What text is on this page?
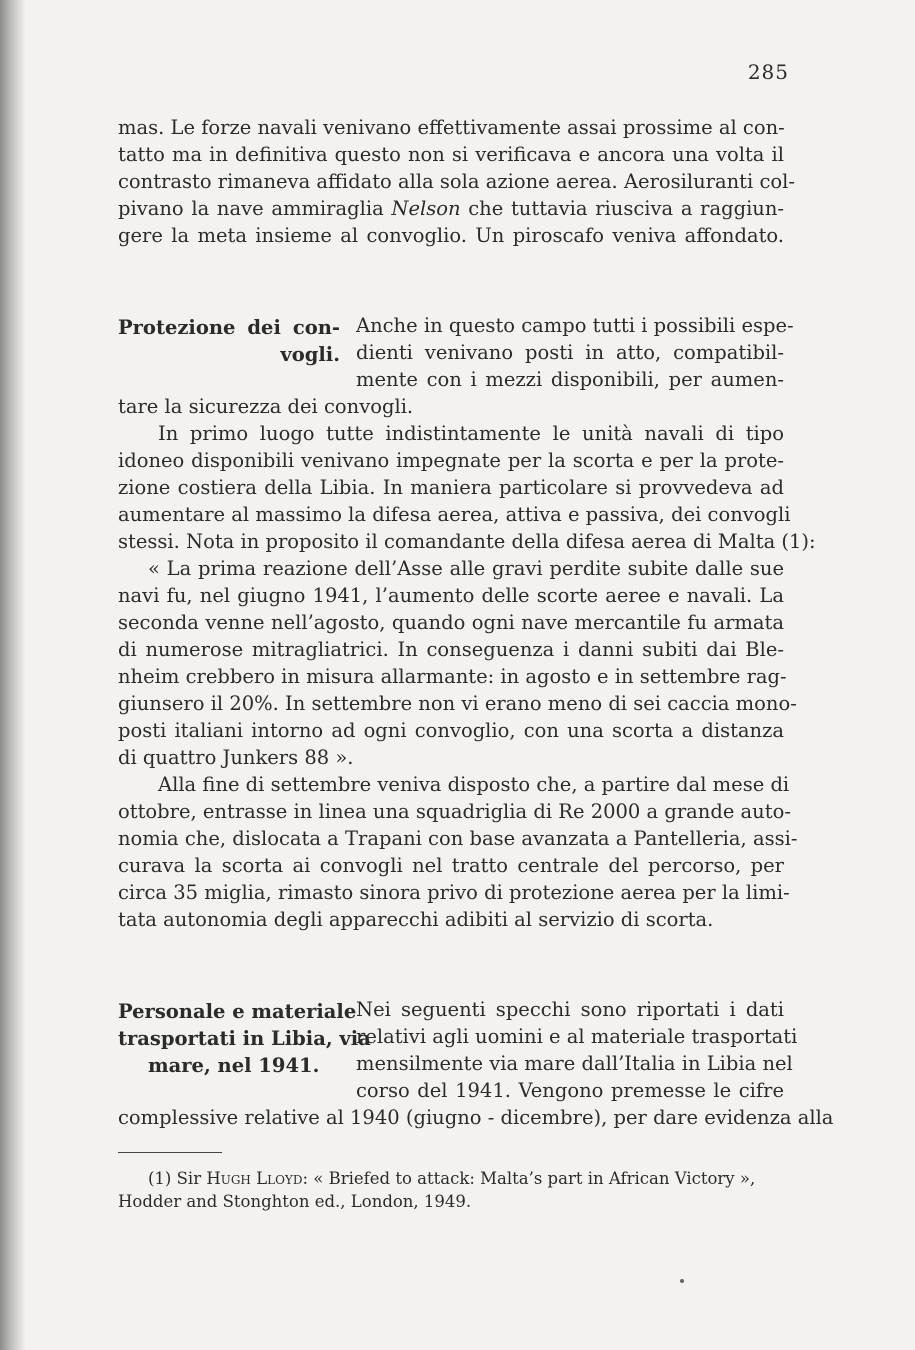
285
mas. Le forze navali venivano effettivamente assai prossime al con-
tatto ma in definitiva questo non si verificava e ancora una volta il
contrasto rimaneva affidato alla sola azione aerea. Aerosiluranti col-
pivano la nave ammiraglia Nelson che tuttavia riusciva a raggiun-
gere la meta insieme al convoglio. Un piroscafo veniva affondato.
Protezione dei con-
vogli.
Anche in questo campo tutti i possibili espe-
dienti venivano posti in atto, compatibil-
mente con i mezzi disponibili, per aumen-
tare la sicurezza dei convogli.
In primo luogo tutte indistintamente le unità navali di tipo
idoneo disponibili venivano impegnate per la scorta e per la prote-
zione costiera della Libia. In maniera particolare si provvedeva ad
aumentare al massimo la difesa aerea, attiva e passiva, dei convogli
stessi. Nota in proposito il comandante della difesa aerea di Malta (1):
« La prima reazione dell’Asse alle gravi perdite subite dalle sue
navi fu, nel giugno 1941, l’aumento delle scorte aeree e navali. La
seconda venne nell’agosto, quando ogni nave mercantile fu armata
di numerose mitragliatrici. In conseguenza i danni subiti dai Ble-
nheim crebbero in misura allarmante: in agosto e in settembre rag-
giunsero il 20%. In settembre non vi erano meno di sei caccia mono-
posti italiani intorno ad ogni convoglio, con una scorta a distanza
di quattro Junkers 88 ».
Alla fine di settembre veniva disposto che, a partire dal mese di
ottobre, entrasse in linea una squadriglia di Re 2000 a grande auto-
nomia che, dislocata a Trapani con base avanzata a Pantelleria, assi-
curava la scorta ai convogli nel tratto centrale del percorso, per
circa 35 miglia, rimasto sinora privo di protezione aerea per la limi-
tata autonomia degli apparecchi adibiti al servizio di scorta.
Personale e materiale
trasportati in Libia, via
mare, nel 1941.
Nei seguenti specchi sono riportati i dati
relativi agli uomini e al materiale trasportati
mensilmente via mare dall’Italia in Libia nel
corso del 1941. Vengono premesse le cifre
complessive relative al 1940 (giugno - dicembre), per dare evidenza alla
(1) Sir Hugh Lloyd: « Briefed to attack: Malta’s part in African Victory »,
Hodder and Stonghton ed., London, 1949.
